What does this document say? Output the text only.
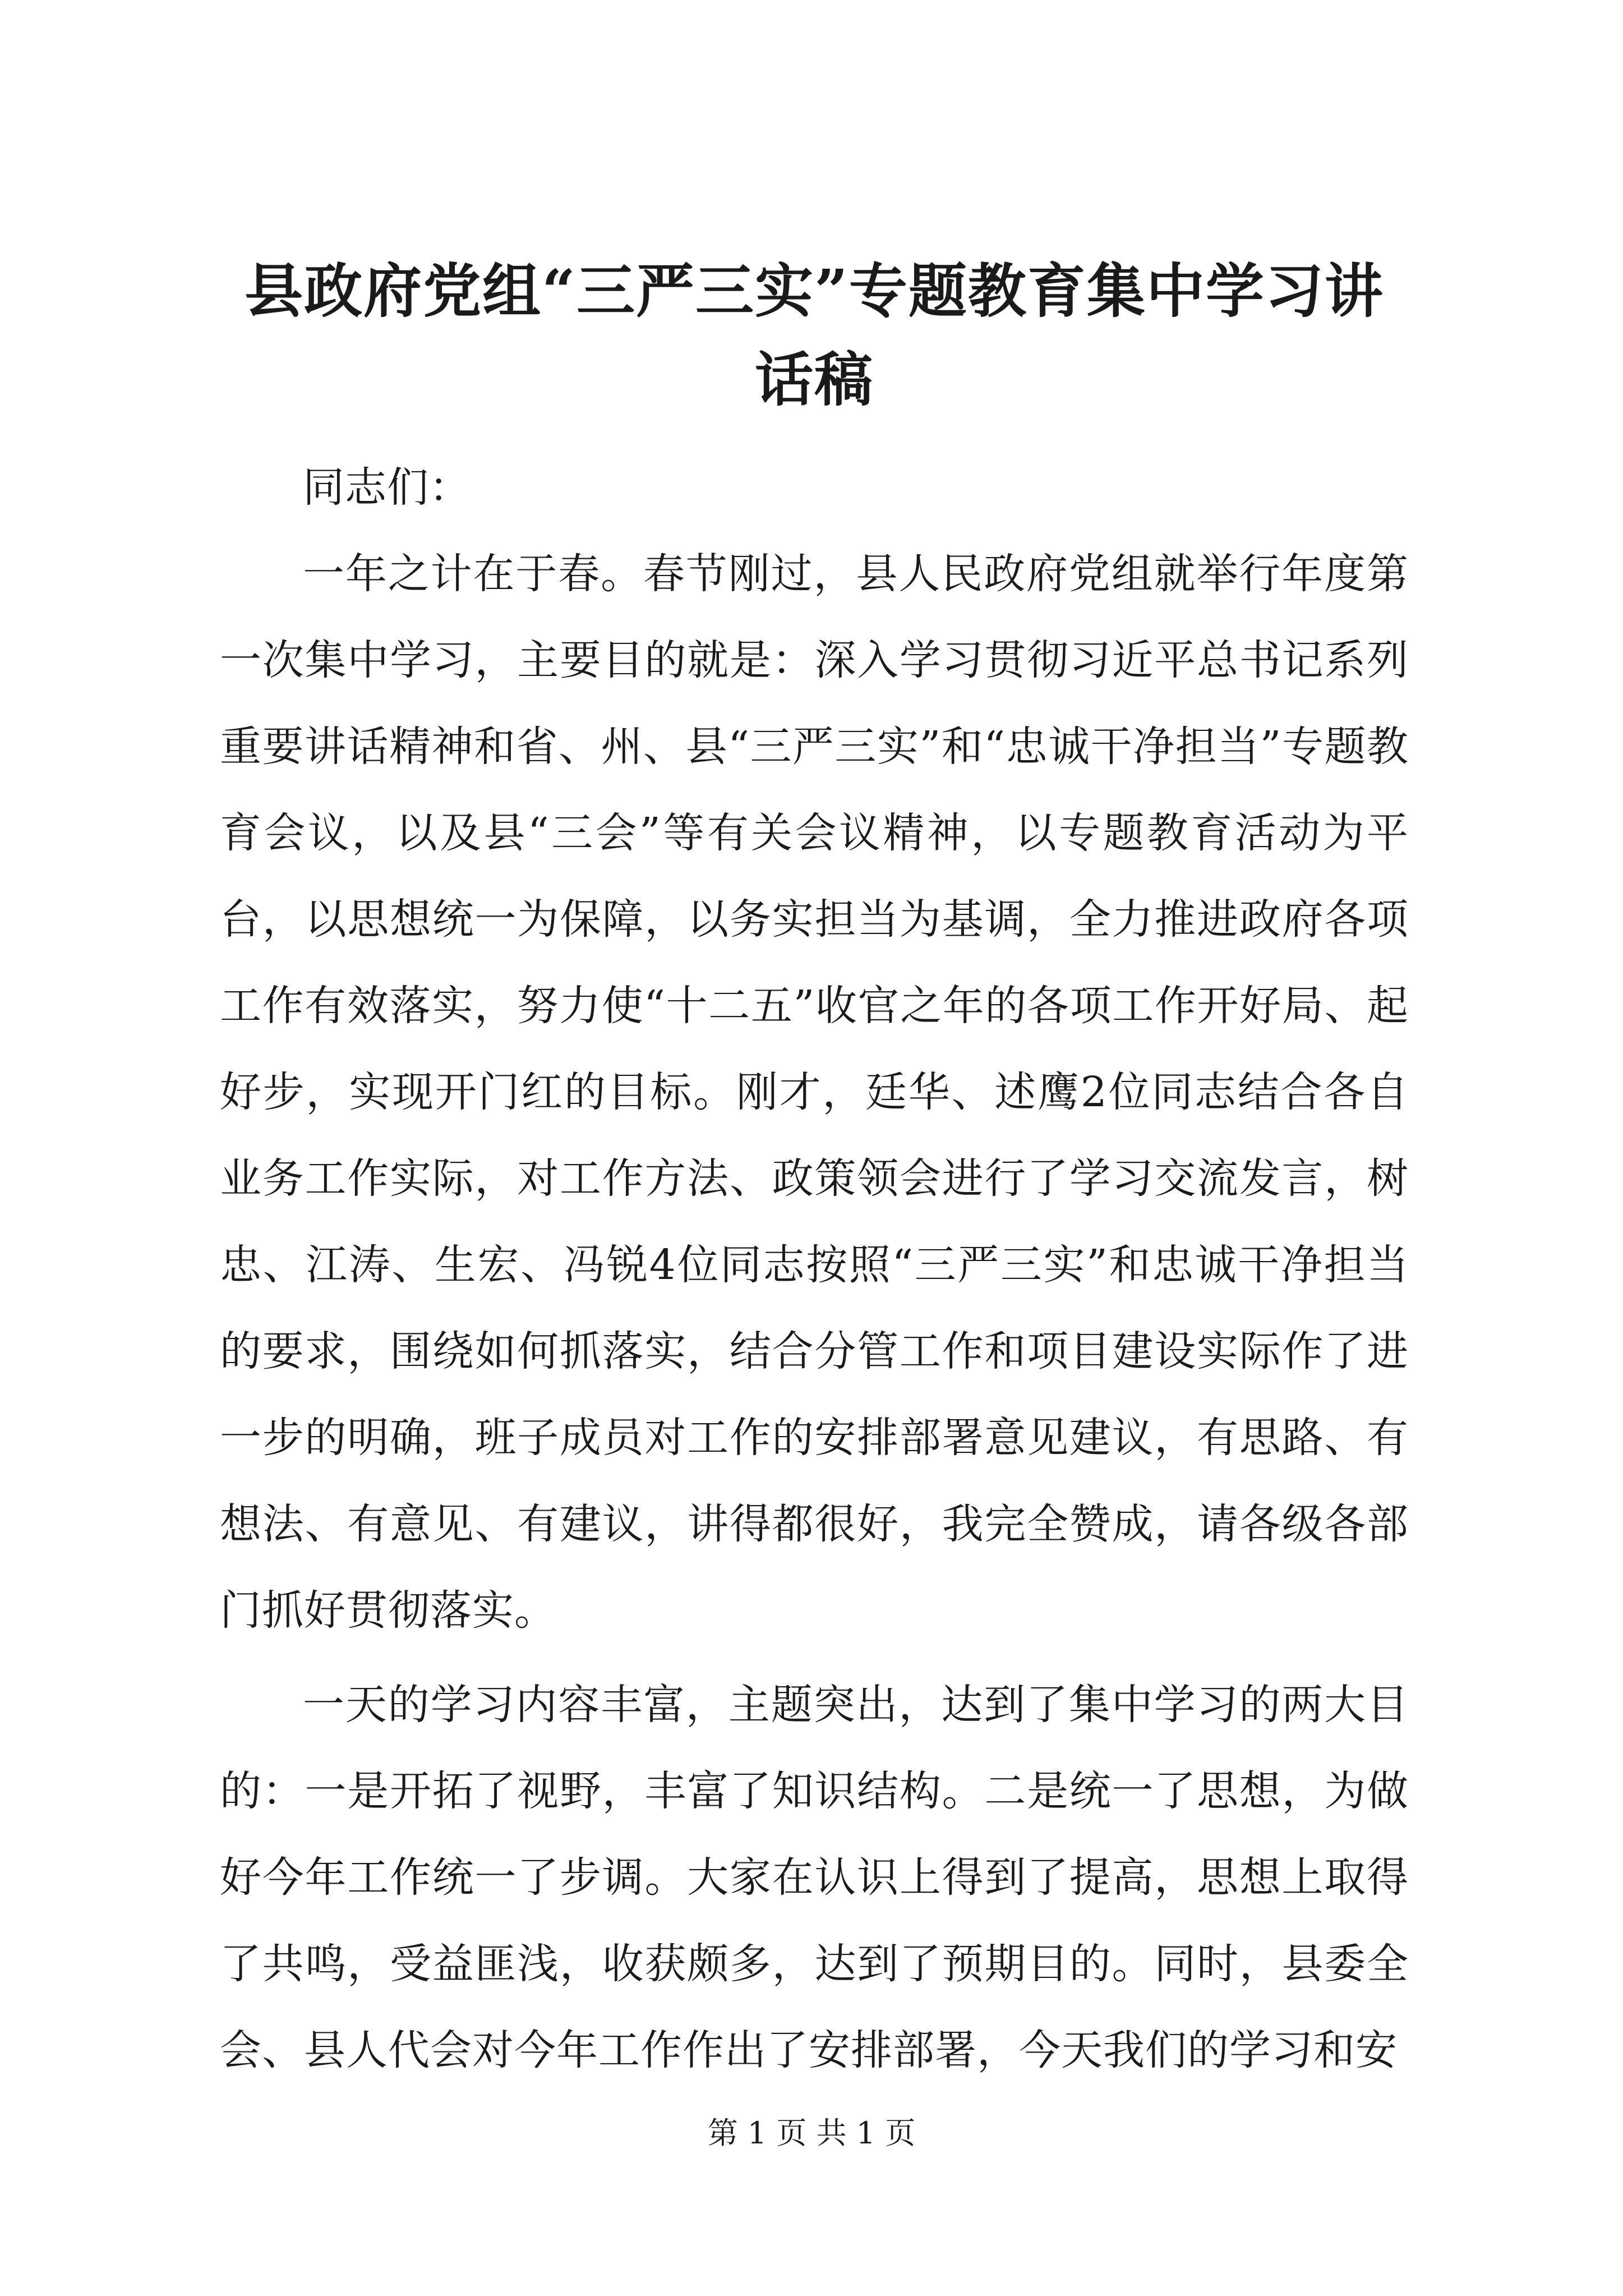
县政府党组“三严三实”专题教育集中学习讲话稿

同志们：

一年之计在于春。春节刚过，县人民政府党组就举行年度第一次集中学习，主要目的就是：深入学习贯彻习近平总书记系列重要讲话精神和省、州、县“三严三实”和“忠诚干净担当”专题教育会议，以及县“三会”等有关会议精神，以专题教育活动为平台，以思想统一为保障，以务实担当为基调，全力推进政府各项工作有效落实，努力使“十二五”收官之年的各项工作开好局、起好步，实现开门红的目标。刚才，廷华、述鹰2位同志结合各自业务工作实际，对工作方法、政策领会进行了学习交流发言，树忠、江涛、生宏、冯锐4位同志按照“三严三实”和忠诚干净担当的要求，围绕如何抓落实，结合分管工作和项目建设实际作了进一步的明确，班子成员对工作的安排部署意见建议，有思路、有想法、有意见、有建议，讲得都很好，我完全赞成，请各级各部门抓好贯彻落实。

一天的学习内容丰富，主题突出，达到了集中学习的两大目的：一是开拓了视野，丰富了知识结构。二是统一了思想，为做好今年工作统一了步调。大家在认识上得到了提高，思想上取得了共鸣，受益匪浅，收获颇多，达到了预期目的。同时，县委全会、县人代会对今年工作作出了安排部署，今天我们的学习和安

第 1 页 共 1 页
